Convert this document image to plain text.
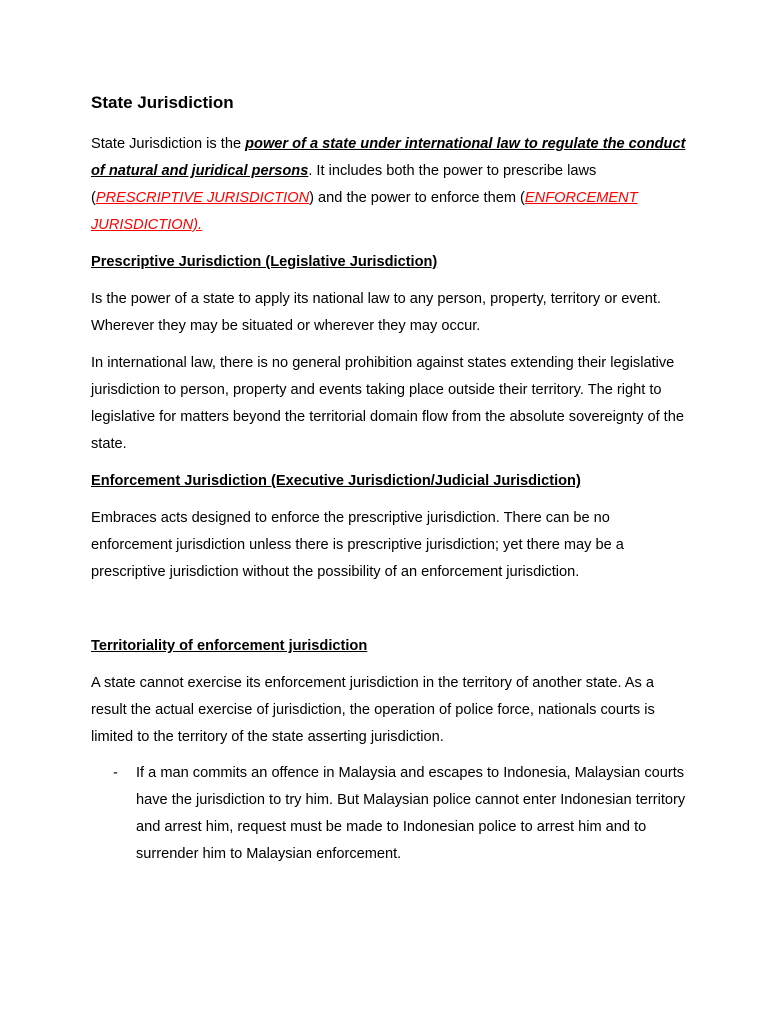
State Jurisdiction

State Jurisdiction is the power of a state under international law to regulate the conduct of natural and juridical persons. It includes both the power to prescribe laws (PRESCRIPTIVE JURISDICTION) and the power to enforce them (ENFORCEMENT JURISDICTION).

Prescriptive Jurisdiction (Legislative Jurisdiction)

Is the power of a state to apply its national law to any person, property, territory or event. Wherever they may be situated or wherever they may occur.

In international law, there is no general prohibition against states extending their legislative jurisdiction to person, property and events taking place outside their territory. The right to legislative for matters beyond the territorial domain flow from the absolute sovereignty of the state.

Enforcement Jurisdiction (Executive Jurisdiction/Judicial Jurisdiction)

Embraces acts designed to enforce the prescriptive jurisdiction. There can be no enforcement jurisdiction unless there is prescriptive jurisdiction; yet there may be a prescriptive jurisdiction without the possibility of an enforcement jurisdiction.

Territoriality of enforcement jurisdiction

A state cannot exercise its enforcement jurisdiction in the territory of another state. As a result the actual exercise of jurisdiction, the operation of police force, nationals courts is limited to the territory of the state asserting jurisdiction.

- If a man commits an offence in Malaysia and escapes to Indonesia, Malaysian courts have the jurisdiction to try him. But Malaysian police cannot enter Indonesian territory and arrest him, request must be made to Indonesian police to arrest him and to surrender him to Malaysian enforcement.
